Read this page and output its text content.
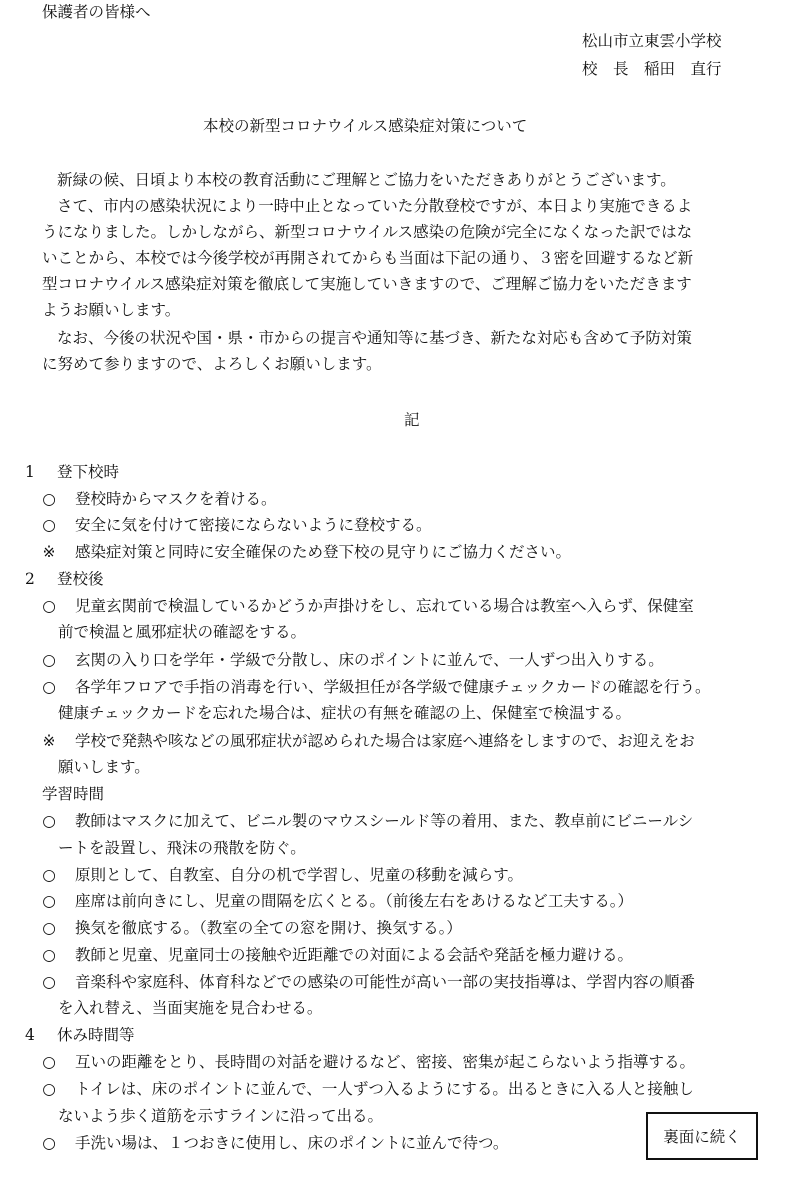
保護者の皆様へ
松山市立東雲小学校
校　長　稲田　直行
本校の新型コロナウイルス感染症対策について
新緑の候、日頃より本校の教育活動にご理解とご協力をいただきありがとうございます。
さて、市内の感染状況により一時中止となっていた分散登校ですが、本日より実施できるよ
うになりました。しかしながら、新型コロナウイルス感染の危険が完全になくなった訳ではな
いことから、本校では今後学校が再開されてからも当面は下記の通り、３密を回避するなど新
型コロナウイルス感染症対策を徹底して実施していきますので、ご理解ご協力をいただきます
ようお願いします。
なお、今後の状況や国・県・市からの提言や通知等に基づき、新たな対応も含めて予防対策
に努めて参りますので、よろしくお願いします。
記
1 登下校時
○ 登校時からマスクを着ける。
○ 安全に気を付けて密接にならないように登校する。
※ 感染症対策と同時に安全確保のため登下校の見守りにご協力ください。
2 登校後
○ 児童玄関前で検温しているかどうか声掛けをし、忘れている場合は教室へ入らず、保健室
前で検温と風邪症状の確認をする。
○ 玄関の入り口を学年・学級で分散し、床のポイントに並んで、一人ずつ出入りする。
○ 各学年フロアで手指の消毒を行い、学級担任が各学級で健康チェックカードの確認を行う。
健康チェックカードを忘れた場合は、症状の有無を確認の上、保健室で検温する。
※ 学校で発熱や咳などの風邪症状が認められた場合は家庭へ連絡をしますので、お迎えをお
願いします。
学習時間
○ 教師はマスクに加えて、ビニル製のマウスシールド等の着用、また、教卓前にビニールシ
ートを設置し、飛沫の飛散を防ぐ。
○ 原則として、自教室、自分の机で学習し、児童の移動を減らす。
○ 座席は前向きにし、児童の間隔を広くとる。（前後左右をあけるなど工夫する。）
○ 換気を徹底する。（教室の全ての窓を開け、換気する。）
○ 教師と児童、児童同士の接触や近距離での対面による会話や発話を極力避ける。
○ 音楽科や家庭科、体育科などでの感染の可能性が高い一部の実技指導は、学習内容の順番
を入れ替え、当面実施を見合わせる。
4 休み時間等
○ 互いの距離をとり、長時間の対話を避けるなど、密接、密集が起こらないよう指導する。
○ トイレは、床のポイントに並んで、一人ずつ入るようにする。出るときに入る人と接触し
ないよう歩く道筋を示すラインに沿って出る。
○ 手洗い場は、１つおきに使用し、床のポイントに並んで待つ。	裏面に続く
